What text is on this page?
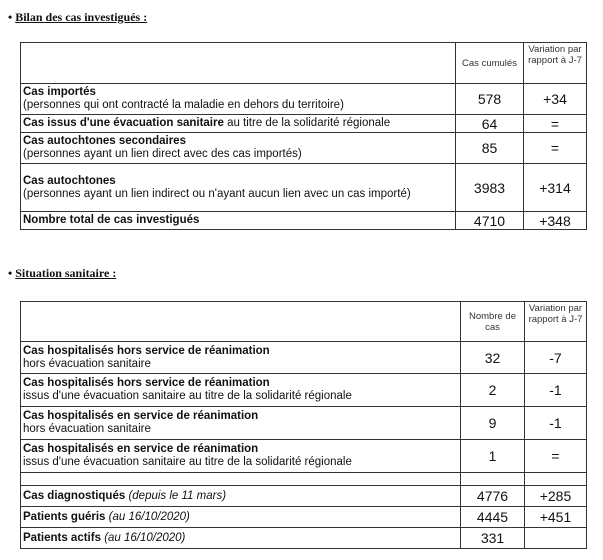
• Bilan des cas investigués :
	Cas cumulés	Variation par rapport à J-7
Cas importés
(personnes qui ont contracté la maladie en dehors du territoire)	578	+34
Cas issus d'une évacuation sanitaire au titre de la solidarité régionale	64	=
Cas autochtones secondaires
(personnes ayant un lien direct avec des cas importés)	85	=
Cas autochtones
(personnes ayant un lien indirect ou n'ayant aucun lien avec un cas importé)	3983	+314
Nombre total de cas investigués	4710	+348
• Situation sanitaire :
	Nombre de cas	Variation par rapport à J-7
Cas hospitalisés hors service de réanimation
hors évacuation sanitaire	32	-7
Cas hospitalisés hors service de réanimation
issus d'une évacuation sanitaire au titre de la solidarité régionale	2	-1
Cas hospitalisés en service de réanimation
hors évacuation sanitaire	9	-1
Cas hospitalisés en service de réanimation
issus d'une évacuation sanitaire au titre de la solidarité régionale	1	=

Cas diagnostiqués (depuis le 11 mars)	4776	+285
Patients guéris (au 16/10/2020)	4445	+451
Patients actifs (au 16/10/2020)	331	
